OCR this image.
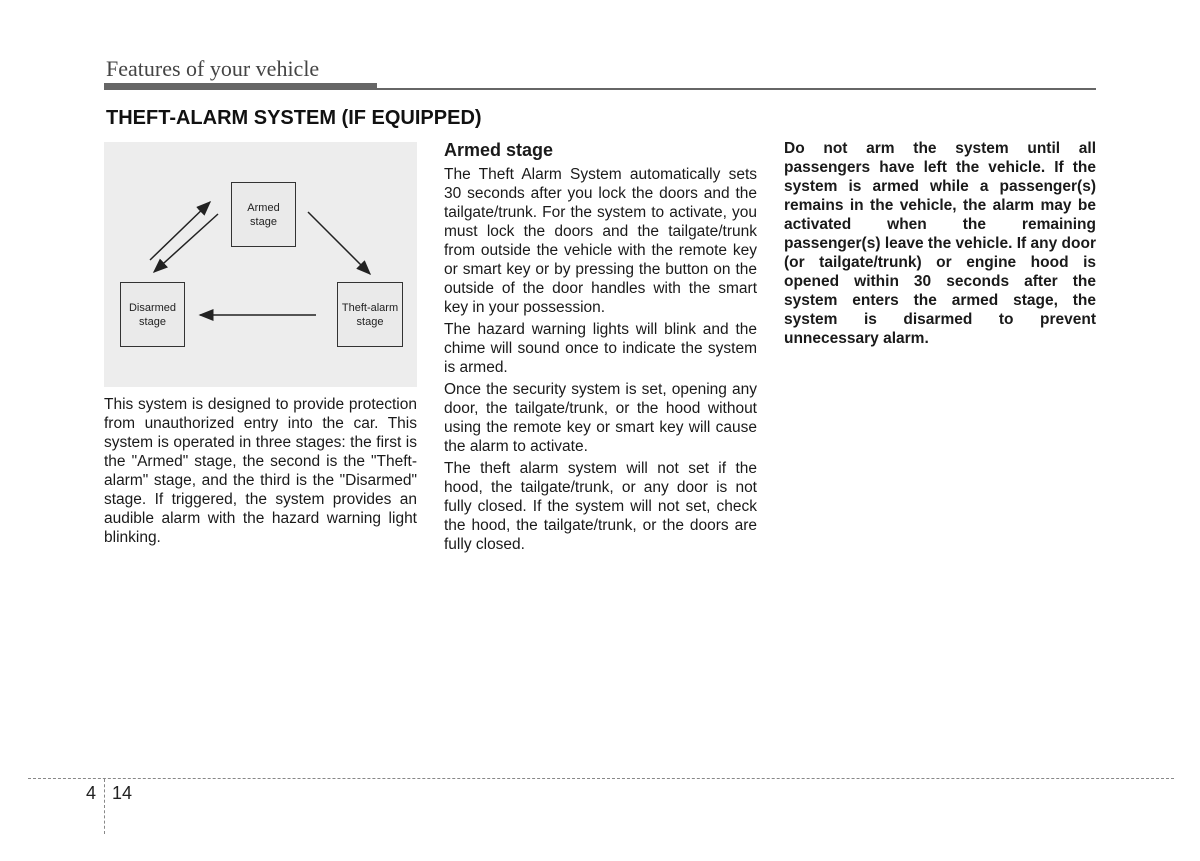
Features of your vehicle
THEFT-ALARM SYSTEM (IF EQUIPPED)
Armed
stage
Disarmed
stage
Theft-alarm
stage

This system is designed to provide protection from unauthorized entry into the car. This system is operated in three stages: the first is the "Armed" stage, the second is the "Theft-alarm" stage, and the third is the "Disarmed" stage. If triggered, the system provides an audible alarm with the hazard warning light blinking.

Armed stage

The Theft Alarm System automatically sets 30 seconds after you lock the doors and the tailgate/trunk. For the system to activate, you must lock the doors and the tailgate/trunk from outside the vehicle with the remote key or smart key or by pressing the button on the outside of the door handles with the smart key in your possession.

The hazard warning lights will blink and the chime will sound once to indicate the system is armed.

Once the security system is set, opening any door, the tailgate/trunk, or the hood without using the remote key or smart key will cause the alarm to activate.

The theft alarm system will not set if the hood, the tailgate/trunk, or any door is not fully closed. If the system will not set, check the hood, the tailgate/trunk, or the doors are fully closed.

Do not arm the system until all passengers have left the vehicle. If the system is armed while a passenger(s) remains in the vehicle, the alarm may be activated when the remaining passenger(s) leave the vehicle. If any door (or tailgate/trunk) or engine hood is opened within 30 seconds after the system enters the armed stage, the system is disarmed to prevent unnecessary alarm.

4 14
